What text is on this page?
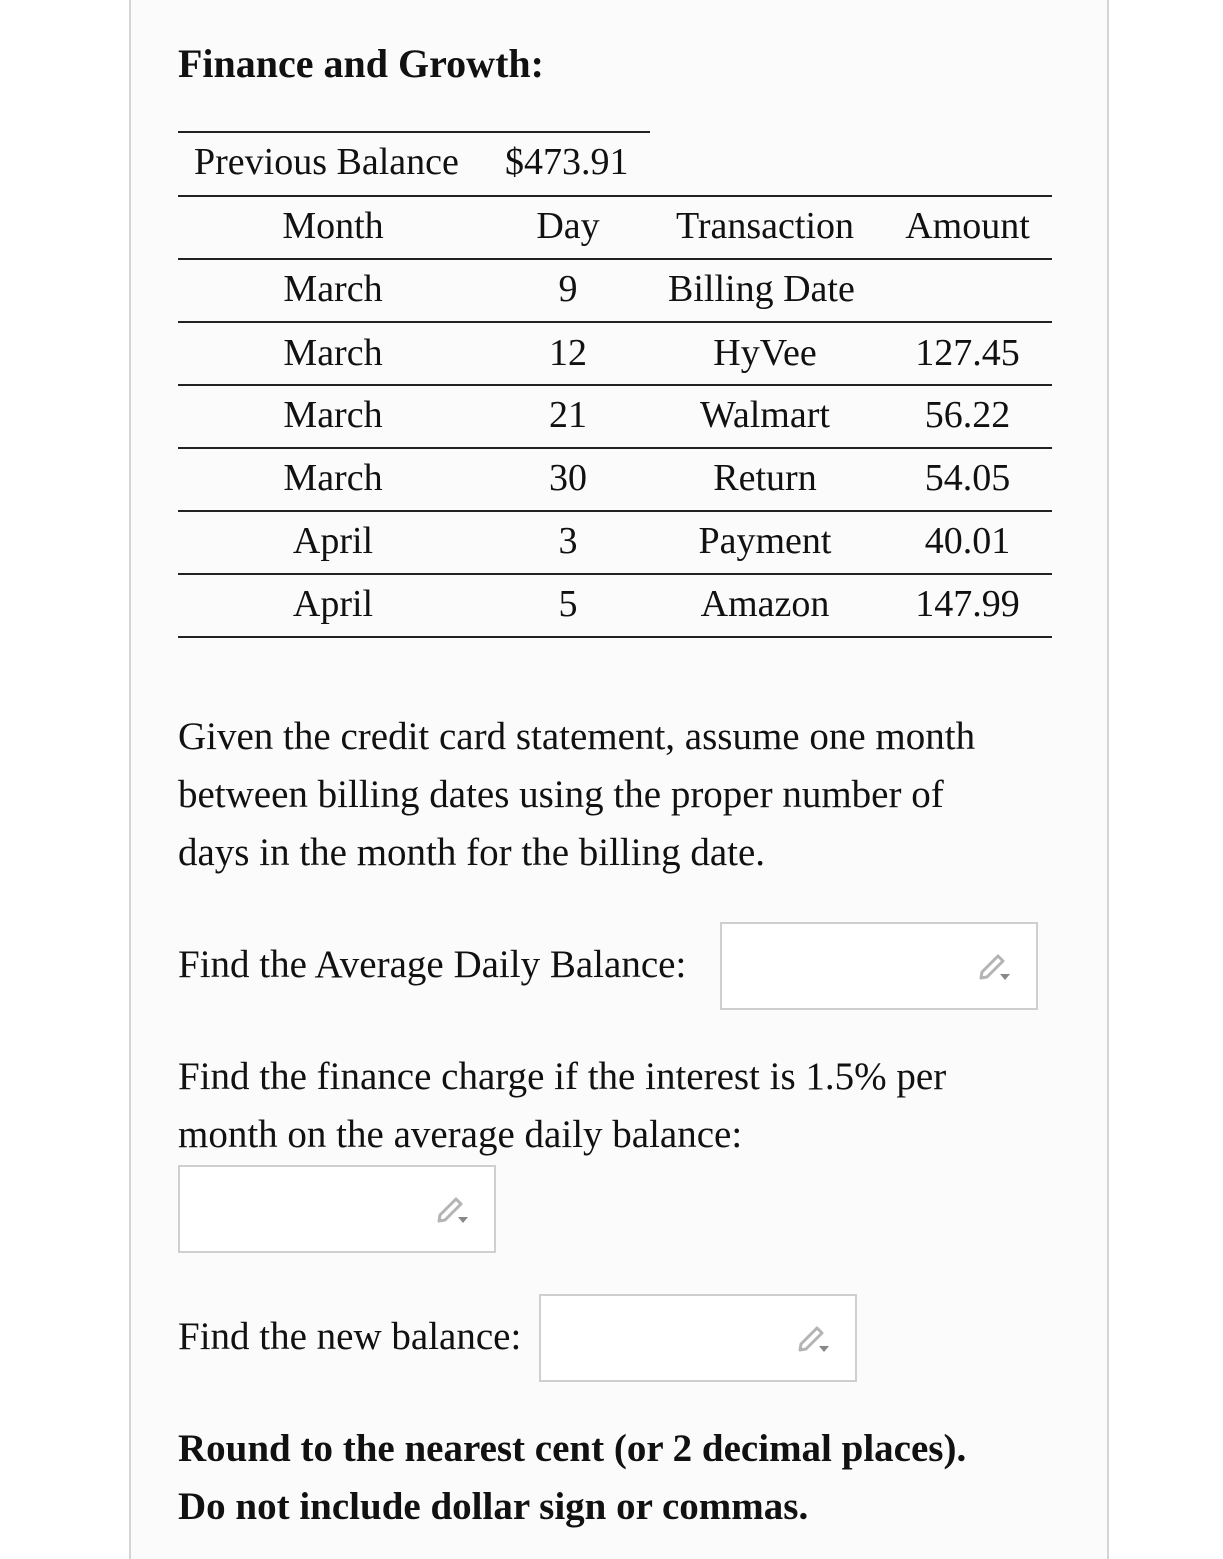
Finance and Growth:
Previous Balance $473.91
Month	Day	Transaction	Amount
March	9	Billing Date
March	12	HyVee	127.45
March	21	Walmart	56.22
March	30	Return	54.05
April	3	Payment	40.01
April	5	Amazon	147.99
Given the credit card statement, assume one month
between billing dates using the proper number of
days in the month for the billing date.
Find the Average Daily Balance:
Find the finance charge if the interest is 1.5% per
month on the average daily balance:
Find the new balance:
Round to the nearest cent (or 2 decimal places).
Do not include dollar sign or commas.
